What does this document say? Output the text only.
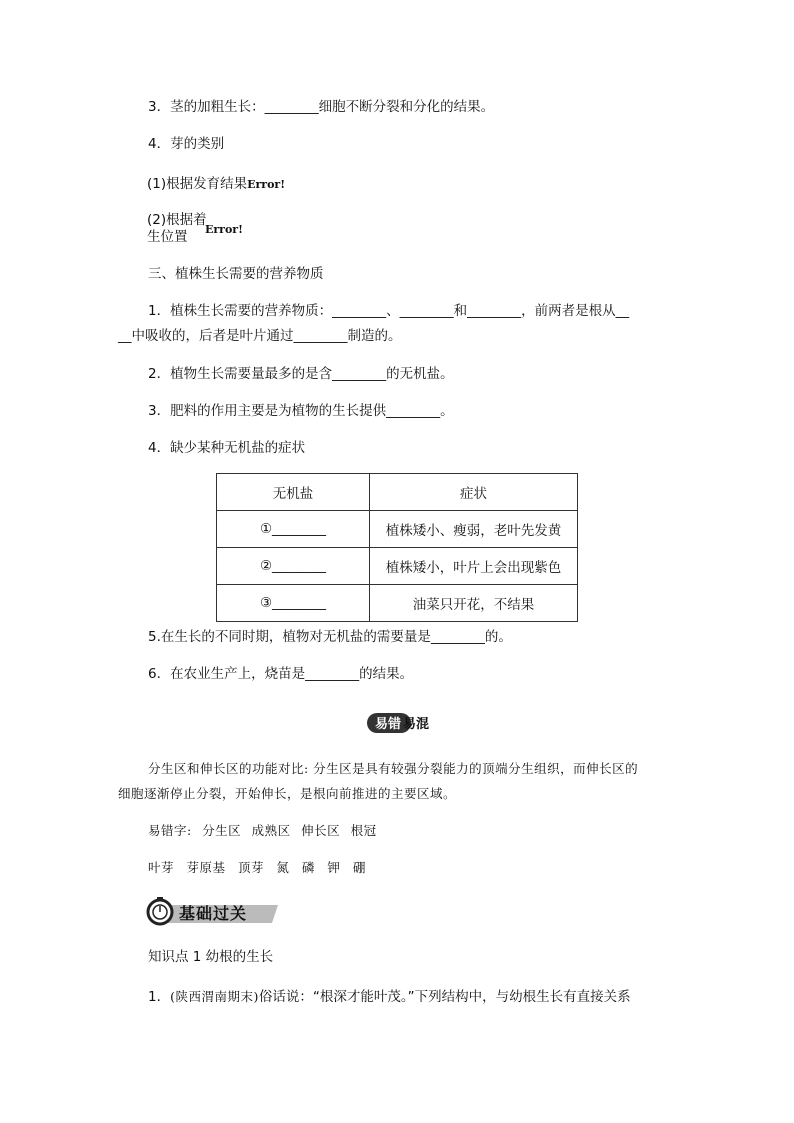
3．茎的加粗生长：________细胞不断分裂和分化的结果。
4．芽的类别
(1)根据发育结果Error!
(2)根据着
生位置 Error!
三、植株生长需要的营养物质
1．植株生长需要的营养物质：________、________和________，前两者是根从__
__中吸收的，后者是叶片通过________制造的。
2．植物生长需要量最多的是含________的无机盐。
3．肥料的作用主要是为植物的生长提供________。
4．缺少某种无机盐的症状
无机盐	症状
①________	植株矮小、瘦弱，老叶先发黄
②________	植株矮小，叶片上会出现紫色
③________	油菜只开花，不结果
5.在生长的不同时期，植物对无机盐的需要量是________的。
6．在农业生产上，烧苗是________的结果。
易错 易混
分生区和伸长区的功能对比: 分生区是具有较强分裂能力的顶端分生组织，而伸长区的
细胞逐渐停止分裂，开始伸长，是根向前推进的主要区域。
易错字: 分生区 成熟区 伸长区 根冠
叶芽 芽原基 顶芽 氮 磷 钾 硼
基础过关
知识点 1 幼根的生长
1．(陕西渭南期末)俗话说：“根深才能叶茂。”下列结构中，与幼根生长有直接关系
